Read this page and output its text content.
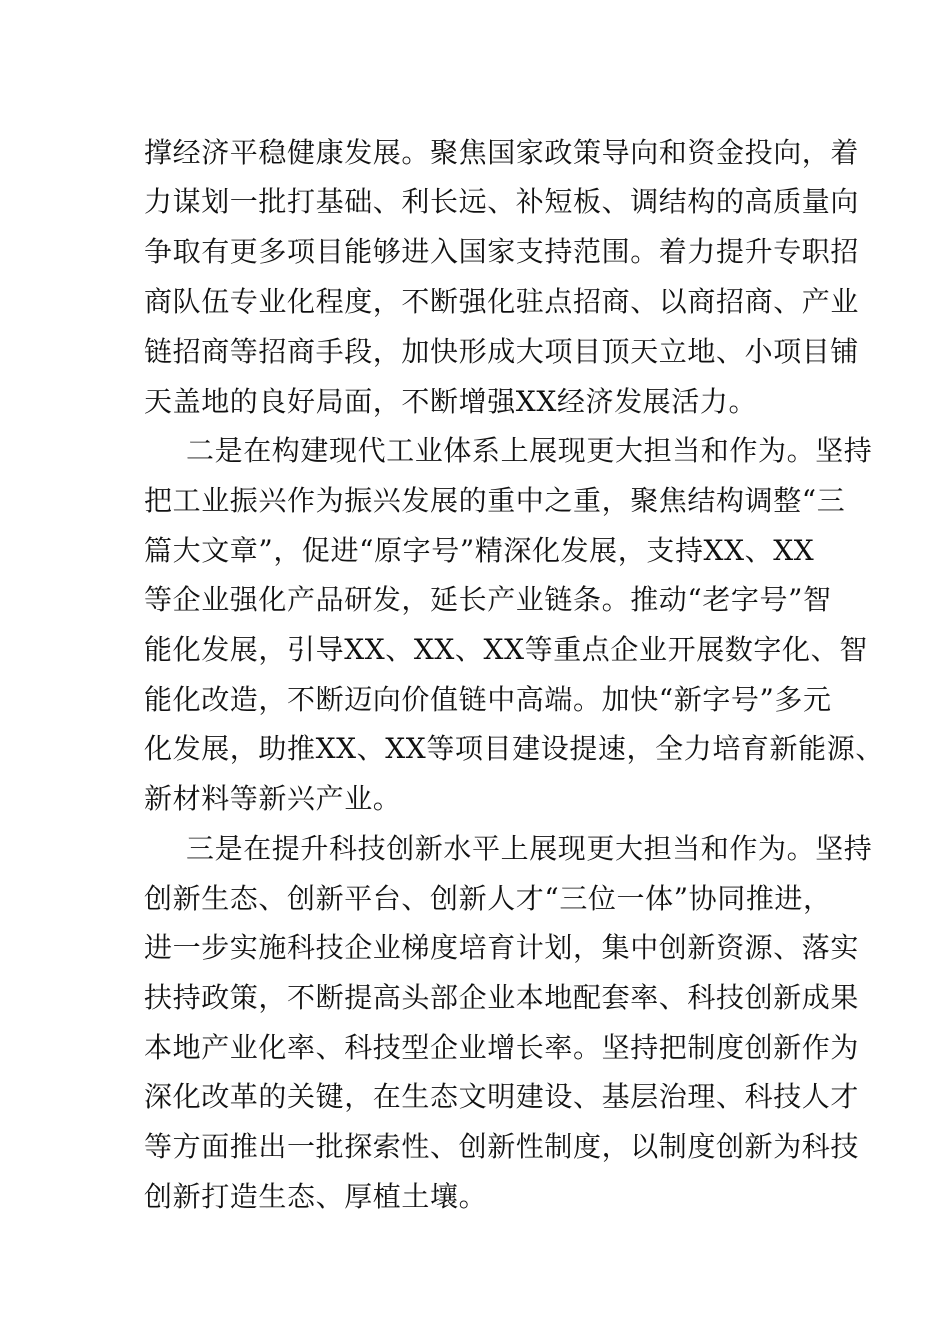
撑经济平稳健康发展。聚焦国家政策导向和资金投向，着
力谋划一批打基础、利长远、补短板、调结构的高质量向
争取有更多项目能够进入国家支持范围。着力提升专职招
商队伍专业化程度，不断强化驻点招商、以商招商、产业
链招商等招商手段，加快形成大项目顶天立地、小项目铺
天盖地的良好局面，不断增强XX经济发展活力。
二是在构建现代工业体系上展现更大担当和作为。坚持
把工业振兴作为振兴发展的重中之重，聚焦结构调整“三
篇大文章”，促进“原字号”精深化发展，支持XX、XX
等企业强化产品研发，延长产业链条。推动“老字号”智
能化发展，引导XX、XX、XX等重点企业开展数字化、智
能化改造，不断迈向价值链中高端。加快“新字号”多元
化发展，助推XX、XX等项目建设提速，全力培育新能源、
新材料等新兴产业。
三是在提升科技创新水平上展现更大担当和作为。坚持
创新生态、创新平台、创新人才“三位一体”协同推进，
进一步实施科技企业梯度培育计划，集中创新资源、落实
扶持政策，不断提高头部企业本地配套率、科技创新成果
本地产业化率、科技型企业增长率。坚持把制度创新作为
深化改革的关键，在生态文明建设、基层治理、科技人才
等方面推出一批探索性、创新性制度，以制度创新为科技
创新打造生态、厚植土壤。
